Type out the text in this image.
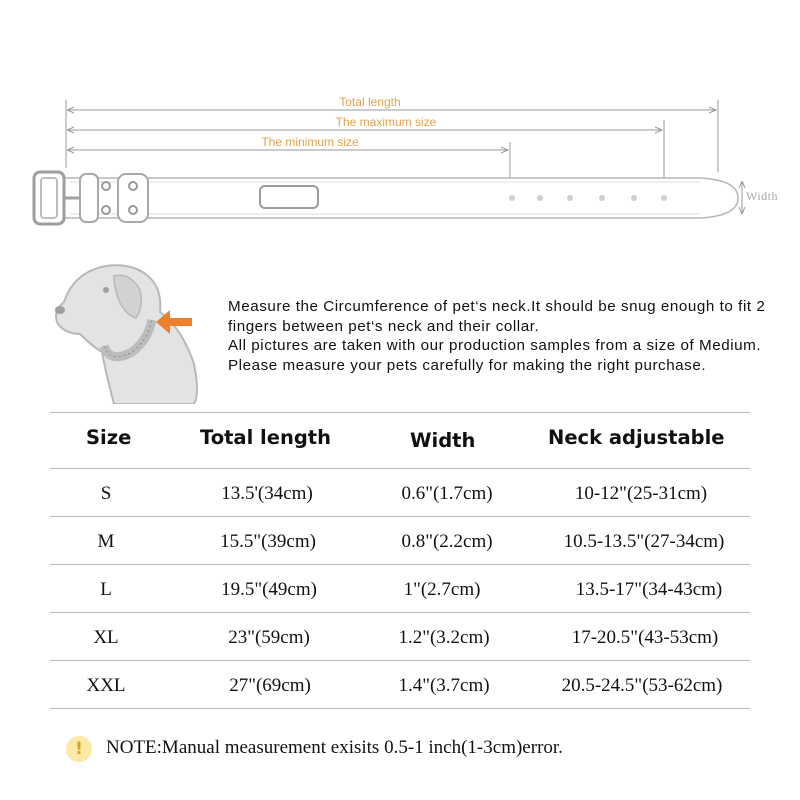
Total length
The maximum size
The minimum size
Width

Measure the Circumference of pet‘s neck.It should be snug enough to fit 2 fingers between pet‘s neck and their collar.

All pictures are taken with our production samples from a size of Medium. Please measure your pets carefully for making the right purchase.

Size	Total length	Width	Neck adjustable
S	13.5'(34cm)	0.6"(1.7cm)	10-12"(25-31cm)
M	15.5"(39cm)	0.8"(2.2cm)	10.5-13.5"(27-34cm)
L	19.5"(49cm)	1"(2.7cm)	13.5-17"(34-43cm)
XL	23"(59cm)	1.2"(3.2cm)	17-20.5"(43-53cm)
XXL	27"(69cm)	1.4"(3.7cm)	20.5-24.5"(53-62cm)
!	NOTE:Manual measurement exisits 0.5-1 inch(1-3cm)error.
